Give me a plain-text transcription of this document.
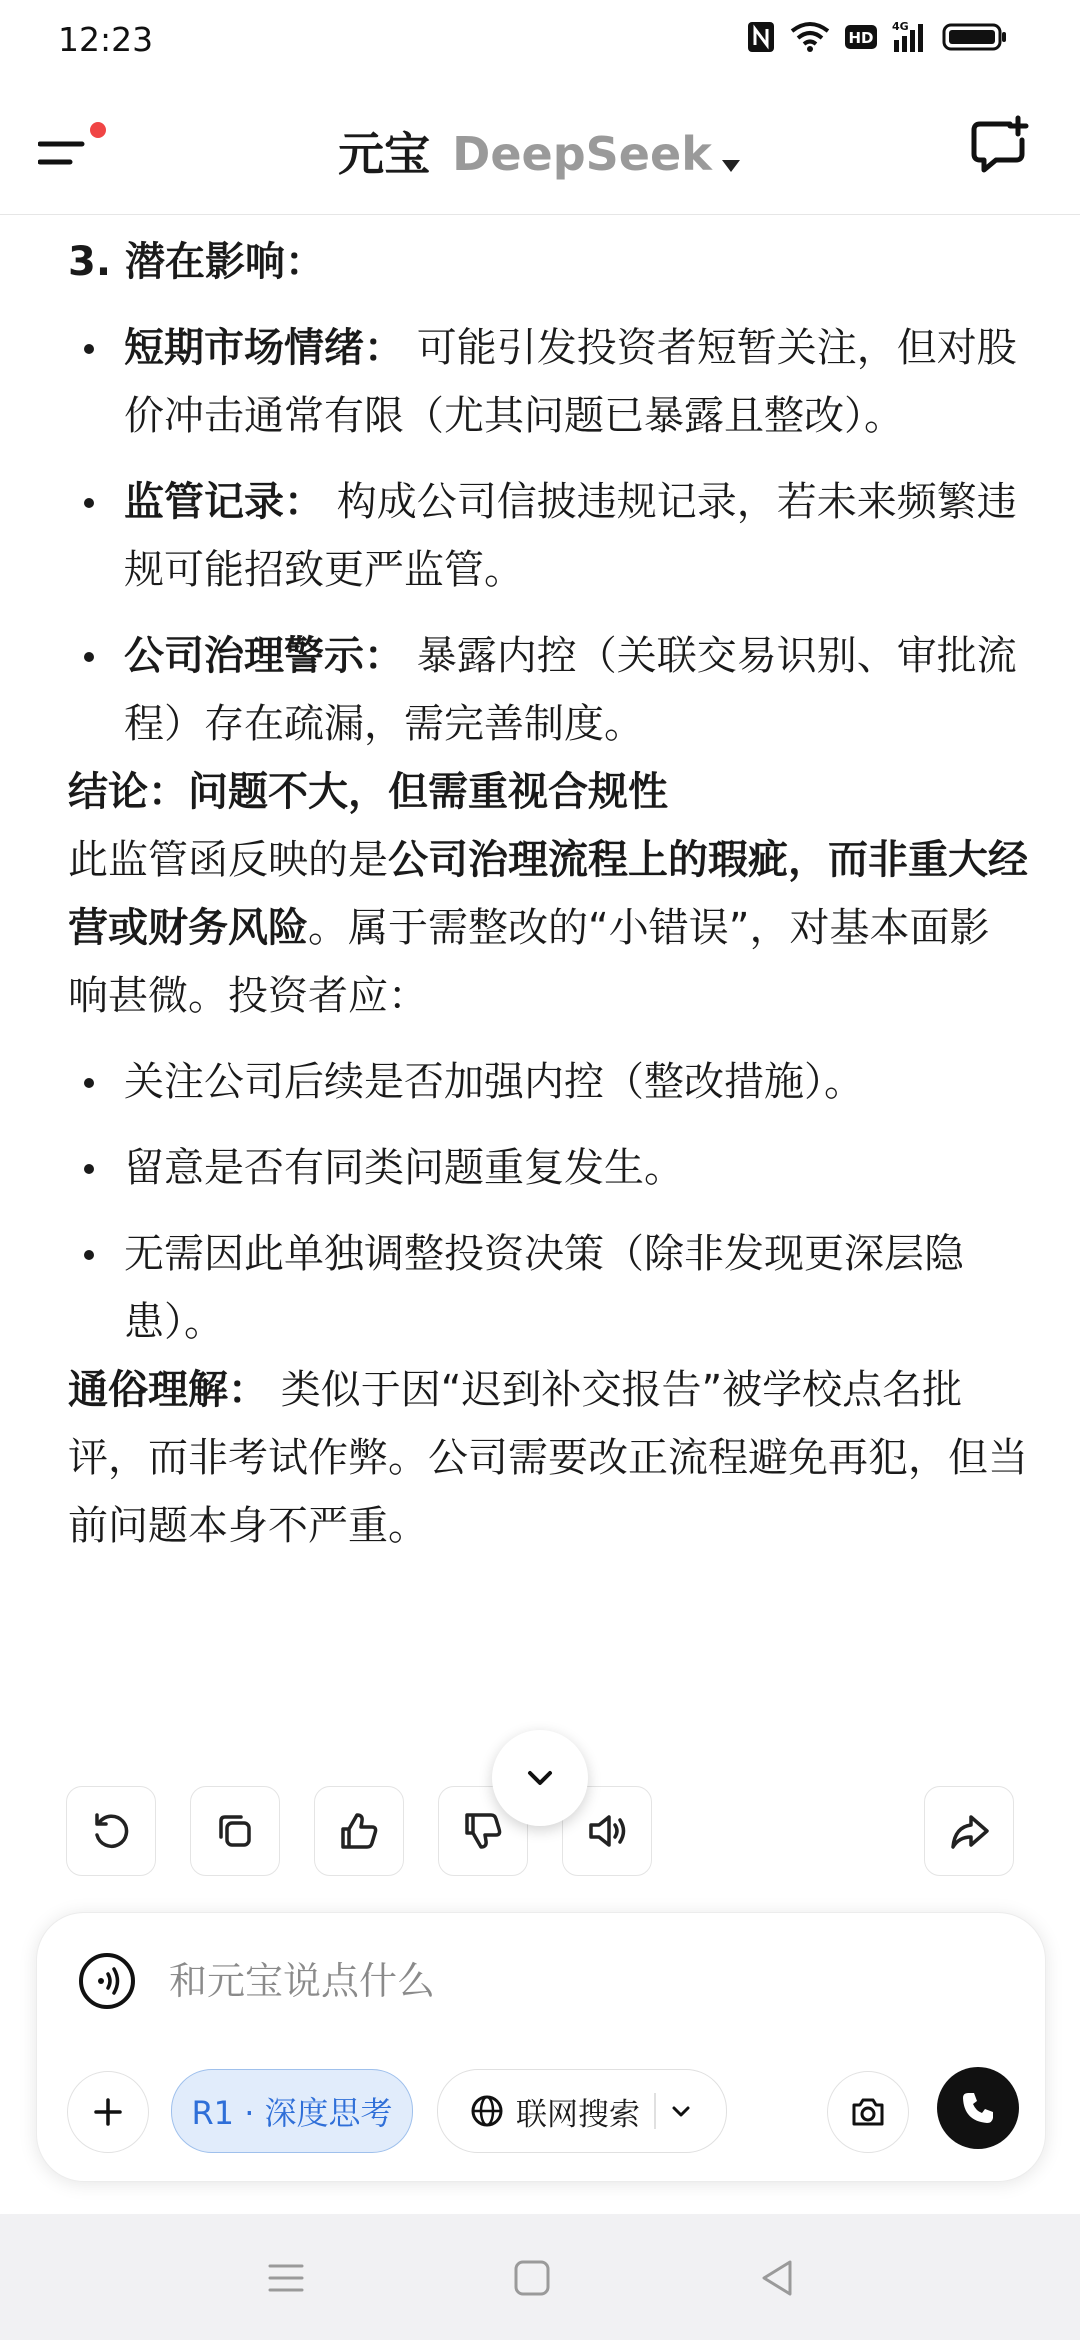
12:23	HD
4G
元宝 DeepSeek

3. 潜在影响：

短期市场情绪： 可能引发投资者短暂关注，但对股价冲击通常有限（尤其问题已暴露且整改）。
监管记录： 构成公司信披违规记录，若未来频繁违规可能招致更严监管。
公司治理警示： 暴露内控（关联交易识别、审批流程）存在疏漏，需完善制度。

结论：问题不大，但需重视合规性

此监管函反映的是公司治理流程上的瑕疵，而非重大经营或财务风险。属于需整改的“小错误”，对基本面影响甚微。投资者应：

关注公司后续是否加强内控（整改措施）。
留意是否有同类问题重复发生。
无需因此单独调整投资决策（除非发现更深层隐患）。

通俗理解： 类似于因“迟到补交报告”被学校点名批评，而非考试作弊。公司需要改正流程避免再犯，但当前问题本身不严重。

和元宝说点什么
R1 · 深度思考	联网搜索
